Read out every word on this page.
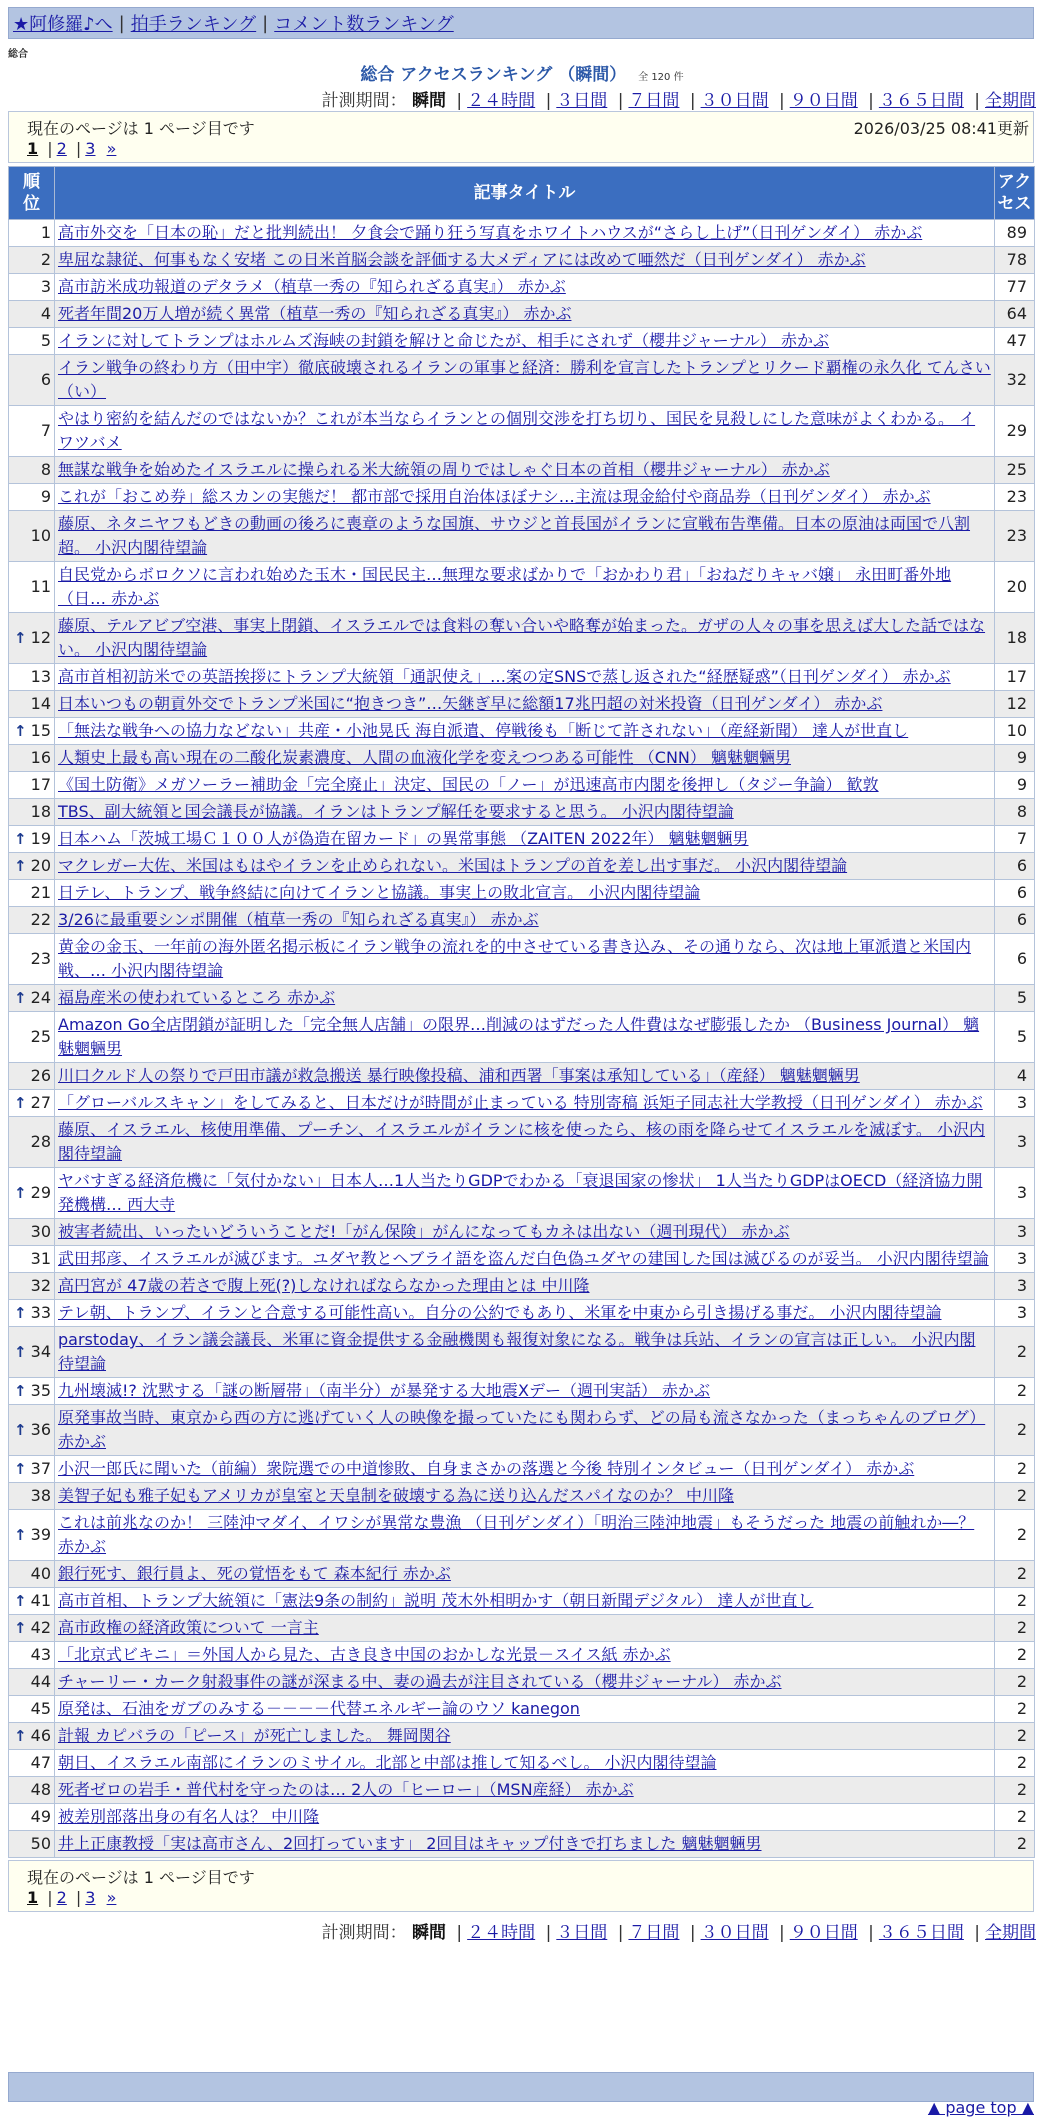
★阿修羅♪へ | 拍手ランキング | コメント数ランキング
総合
総合 アクセスランキング （瞬間） 全 120 件
計測期間： 瞬間 | ２４時間 | ３日間 | ７日間 | ３０日間 | ９０日間 | ３６５日間 | 全期間
現在のページは 1 ページ目です	2026/03/25 08:41更新
1 | 2 | 3 »
順位	記事タイトル	アクセス
1	高市外交を「日本の恥」だと批判続出！ 夕食会で踊り狂う写真をホワイトハウスが“さらし上げ”（日刊ゲンダイ） 赤かぶ	89
2	卑屈な隷従、何事もなく安堵 この日米首脳会談を評価する大メディアには改めて唖然だ（日刊ゲンダイ） 赤かぶ	78
3	高市訪米成功報道のデタラメ（植草一秀の『知られざる真実』） 赤かぶ	77
4	死者年間20万人増が続く異常（植草一秀の『知られざる真実』） 赤かぶ	64
5	イランに対してトランプはホルムズ海峡の封鎖を解けと命じたが、相手にされず（櫻井ジャーナル） 赤かぶ	47
6	イラン戦争の終わり方（田中宇）徹底破壊されるイランの軍事と経済：勝利を宣言したトランプとリクード覇権の永久化 てんさい（い）	32
7	やはり密約を結んだのではないか？これが本当ならイランとの個別交渉を打ち切り、国民を見殺しにした意味がよくわかる。 イワツバメ	29
8	無謀な戦争を始めたイスラエルに操られる米大統領の周りではしゃぐ日本の首相（櫻井ジャーナル） 赤かぶ	25
9	これが「おこめ券」総スカンの実態だ！ 都市部で採用自治体ほぼナシ…主流は現金給付や商品券（日刊ゲンダイ） 赤かぶ	23
10	藤原、ネタニヤフもどきの動画の後ろに喪章のような国旗、サウジと首長国がイランに宣戦布告準備。日本の原油は両国で八割超。 小沢内閣待望論	23
11	自民党からボロクソに言われ始めた玉木・国民民主…無理な要求ばかりで「おかわり君」「おねだりキャバ嬢」 永田町番外地（日… 赤かぶ	20

↑ 12	藤原、テルアビブ空港、事実上閉鎖、イスラエルでは食料の奪い合いや略奪が始まった。ガザの人々の事を思えば大した話ではない。 小沢内閣待望論	18
13	高市首相初訪米での英語挨拶にトランプ大統領「通訳使え」…案の定SNSで蒸し返された“経歴疑惑”（日刊ゲンダイ） 赤かぶ	17
14	日本いつもの朝貢外交でトランプ米国に“抱きつき”…矢継ぎ早に総額17兆円超の対米投資（日刊ゲンダイ） 赤かぶ	12

↑ 15	「無法な戦争への協力などない」共産・小池晃氏 海自派遣、停戦後も「断じて許されない」（産経新聞） 達人が世直し	10
16	人類史上最も高い現在の二酸化炭素濃度、人間の血液化学を変えつつある可能性 （CNN） 魑魅魍魎男	9
17	《国土防衛》メガソーラー補助金「完全廃止」決定、国民の「ノー」が迅速高市内閣を後押し（タジー争論） 歓敦	9
18	TBS、副大統領と国会議長が協議。イランはトランプ解任を要求すると思う。 小沢内閣待望論	8

↑ 19	日本ハム「茨城工場Ｃ１００人が偽造在留カード」の異常事態 （ZAITEN 2022年） 魑魅魍魎男	7

↑ 20	マクレガー大佐、米国はもはやイランを止められない。米国はトランプの首を差し出す事だ。 小沢内閣待望論	6
21	日テレ、トランプ、戦争終結に向けてイランと協議。事実上の敗北宣言。 小沢内閣待望論	6
22	3/26に最重要シンポ開催（植草一秀の『知られざる真実』） 赤かぶ	6
23	黄金の金玉、一年前の海外匿名掲示板にイラン戦争の流れを的中させている書き込み、その通りなら、次は地上軍派遣と米国内戦、… 小沢内閣待望論	6

↑ 24	福島産米の使われているところ 赤かぶ	5
25	Amazon Go全店閉鎖が証明した「完全無人店舗」の限界…削減のはずだった人件費はなぜ膨張したか （Business Journal） 魑魅魍魎男	5
26	川口クルド人の祭りで戸田市議が救急搬送 暴行映像投稿、浦和西署「事案は承知している」（産経） 魑魅魍魎男	4

↑ 27	「グローバルスキャン」をしてみると、日本だけが時間が止まっている 特別寄稿 浜矩子同志社大学教授（日刊ゲンダイ） 赤かぶ	3
28	藤原、イスラエル、核使用準備、プーチン、イスラエルがイランに核を使ったら、核の雨を降らせてイスラエルを滅ぼす。 小沢内閣待望論	3

↑ 29	ヤバすぎる経済危機に「気付かない」日本人…1人当たりGDPでわかる「衰退国家の惨状」 1人当たりGDPはOECD（経済協力開発機構… 西大寺	3
30	被害者続出、いったいどういうことだ!「がん保険」がんになってもカネは出ない（週刊現代） 赤かぶ	3
31	武田邦彦、イスラエルが滅びます。ユダヤ教とヘブライ語を盗んだ白色偽ユダヤの建国した国は滅びるのが妥当。 小沢内閣待望論	3
32	高円宮が 47歳の若さで腹上死(?)しなければならなかった理由とは 中川隆	3

↑ 33	テレ朝、トランプ、イランと合意する可能性高い。自分の公約でもあり、米軍を中東から引き揚げる事だ。 小沢内閣待望論	3

↑ 34	parstoday、イラン議会議長、米軍に資金提供する金融機関も報復対象になる。戦争は兵站、イランの宣言は正しい。 小沢内閣待望論	2

↑ 35	九州壊滅!? 沈黙する「謎の断層帯」（南半分）が暴発する大地震Xデー（週刊実話） 赤かぶ	2

↑ 36	原発事故当時、東京から西の方に逃げていく人の映像を撮っていたにも関わらず、どの局も流さなかった（まっちゃんのブログ） 赤かぶ	2

↑ 37	小沢一郎氏に聞いた（前編）衆院選での中道惨敗、自身まさかの落選と今後 特別インタビュー（日刊ゲンダイ） 赤かぶ	2
38	美智子妃も雅子妃もアメリカが皇室と天皇制を破壊する為に送り込んだスパイなのか？ 中川隆	2

↑ 39	これは前兆なのか！ 三陸沖マダイ、イワシが異常な豊漁 （日刊ゲンダイ）「明治三陸沖地震」もそうだった 地震の前触れか―？ 赤かぶ	2
40	銀行死す、銀行員よ、死の覚悟をもて 森本紀行 赤かぶ	2

↑ 41	高市首相、トランプ大統領に「憲法9条の制約」説明 茂木外相明かす（朝日新聞デジタル） 達人が世直し	2

↑ 42	高市政権の経済政策について 一言主	2
43	「北京式ビキニ」＝外国人から見た、古き良き中国のおかしな光景－スイス紙 赤かぶ	2
44	チャーリー・カーク射殺事件の謎が深まる中、妻の過去が注目されている（櫻井ジャーナル） 赤かぶ	2
45	原発は、石油をガブのみする－－－－代替エネルギー論のウソ kanegon	2

↑ 46	計報 カピバラの「ピース」が死亡しました。 舞岡関谷	2
47	朝日、イスラエル南部にイランのミサイル。北部と中部は推して知るべし。 小沢内閣待望論	2
48	死者ゼロの岩手・普代村を守ったのは… 2人の「ヒーロー」（MSN産経） 赤かぶ	2
49	被差別部落出身の有名人は？ 中川隆	2
50	井上正康教授「実は高市さん、2回打っています」 2回目はキャップ付きで打ちました 魑魅魍魎男	2
現在のページは 1 ページ目です
1 | 2 | 3 »
計測期間： 瞬間 | ２４時間 | ３日間 | ７日間 | ３０日間 | ９０日間 | ３６５日間 | 全期間
▲ page top ▲
